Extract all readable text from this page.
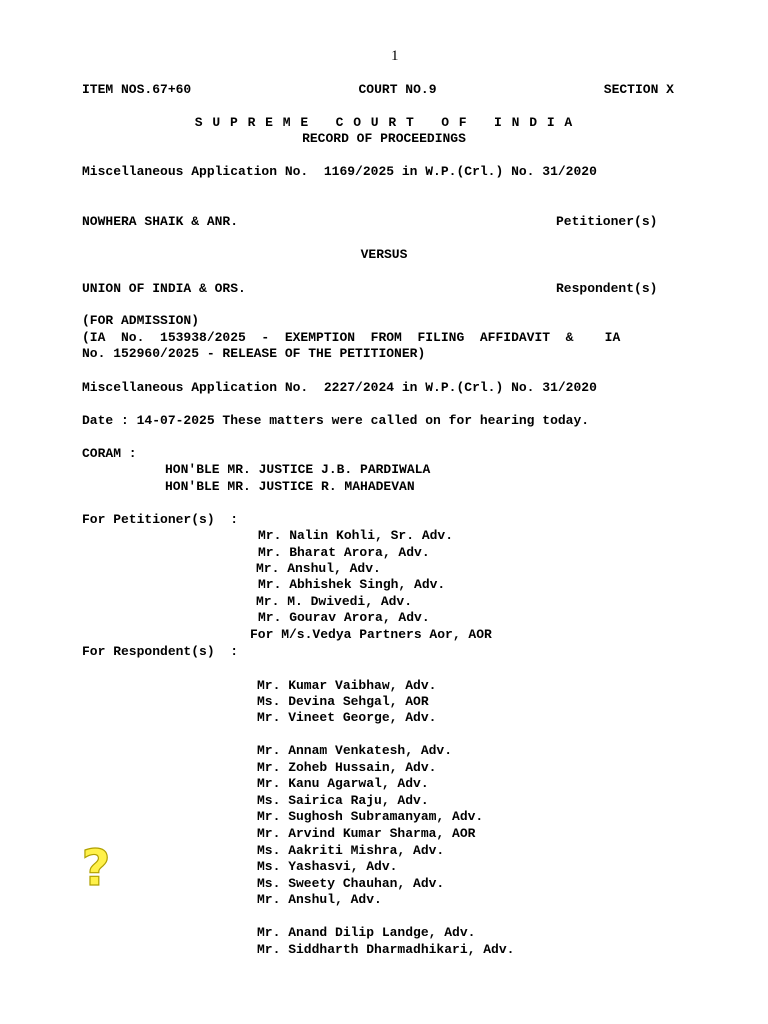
1
ITEM NOS.67+60	COURT NO.9	SECTION X
S U P R E M E   C O U R T   O F   I N D I A
RECORD OF PROCEEDINGS
Miscellaneous Application No.  1169/2025 in W.P.(Crl.) No. 31/2020
NOWHERA SHAIK & ANR.	Petitioner(s)
VERSUS
UNION OF INDIA & ORS.	Respondent(s)
(FOR ADMISSION)
(IA  No.  153938/2025  -  EXEMPTION  FROM  FILING  AFFIDAVIT  &    IA
No. 152960/2025 - RELEASE OF THE PETITIONER)
Miscellaneous Application No.  2227/2024 in W.P.(Crl.) No. 31/2020
Date : 14-07-2025 These matters were called on for hearing today.
CORAM :
HON'BLE MR. JUSTICE J.B. PARDIWALA
HON'BLE MR. JUSTICE R. MAHADEVAN
For Petitioner(s)  :
Mr. Nalin Kohli, Sr. Adv.
Mr. Bharat Arora, Adv.
Mr. Anshul, Adv.
Mr. Abhishek Singh, Adv.
Mr. M. Dwivedi, Adv.
Mr. Gourav Arora, Adv.
For M/s.Vedya Partners Aor, AOR
For Respondent(s)  :
Mr. Kumar Vaibhaw, Adv.
Ms. Devina Sehgal, AOR
Mr. Vineet George, Adv.
Mr. Annam Venkatesh, Adv.
Mr. Zoheb Hussain, Adv.
Mr. Kanu Agarwal, Adv.
Ms. Sairica Raju, Adv.
Mr. Sughosh Subramanyam, Adv.
Mr. Arvind Kumar Sharma, AOR
Ms. Aakriti Mishra, Adv.
Ms. Yashasvi, Adv.
Ms. Sweety Chauhan, Adv.
Mr. Anshul, Adv.
Mr. Anand Dilip Landge, Adv.
Mr. Siddharth Dharmadhikari, Adv.
?
